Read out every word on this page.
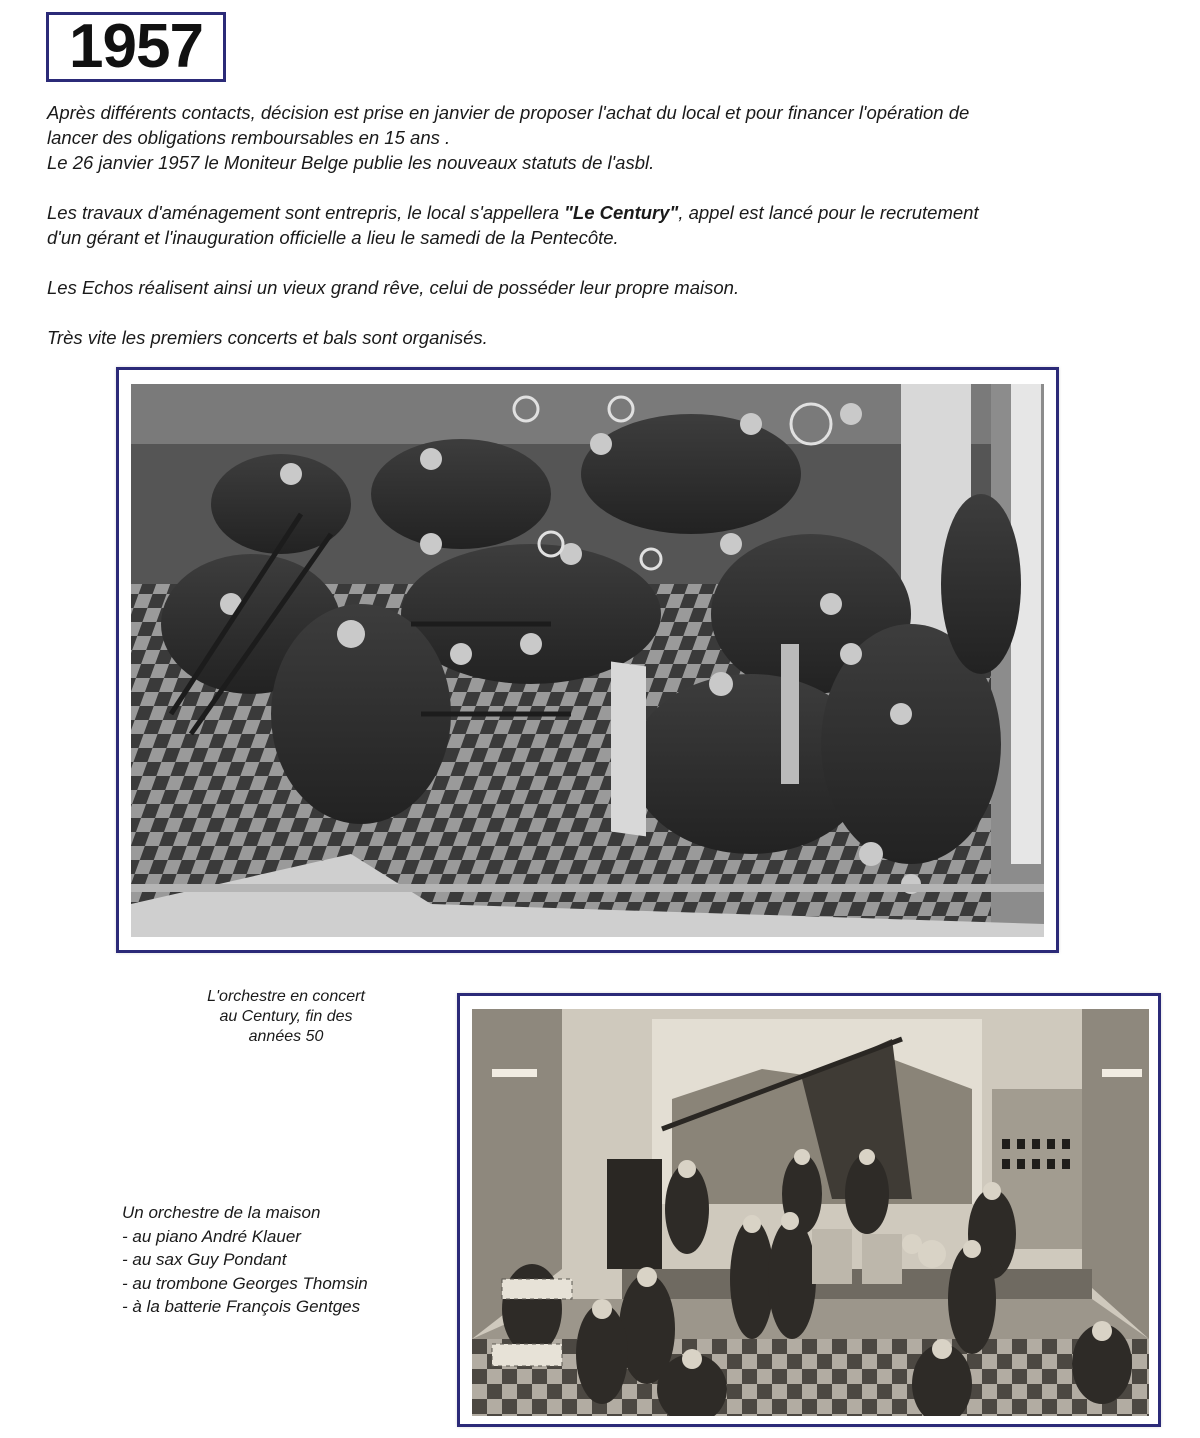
1957

Après différents contacts, décision est prise en janvier de proposer l'achat du local et pour financer l'opération de

lancer des obligations remboursables en 15 ans .

Le 26 janvier 1957 le Moniteur Belge publie les nouveaux statuts de l'asbl.

Les travaux d'aménagement sont entrepris, le local s'appellera "Le Century", appel est lancé pour le recrutement

d'un gérant et l'inauguration officielle a lieu le samedi de la Pentecôte.

Les Echos réalisent ainsi un vieux grand rêve, celui de posséder leur propre maison.

Très vite les premiers concerts et bals sont organisés.

L'orchestre en concert
au Century, fin des
années 50
Un orchestre de la maison
- au piano André Klauer
- au sax Guy Pondant
- au trombone Georges Thomsin
- à la batterie François Gentges
